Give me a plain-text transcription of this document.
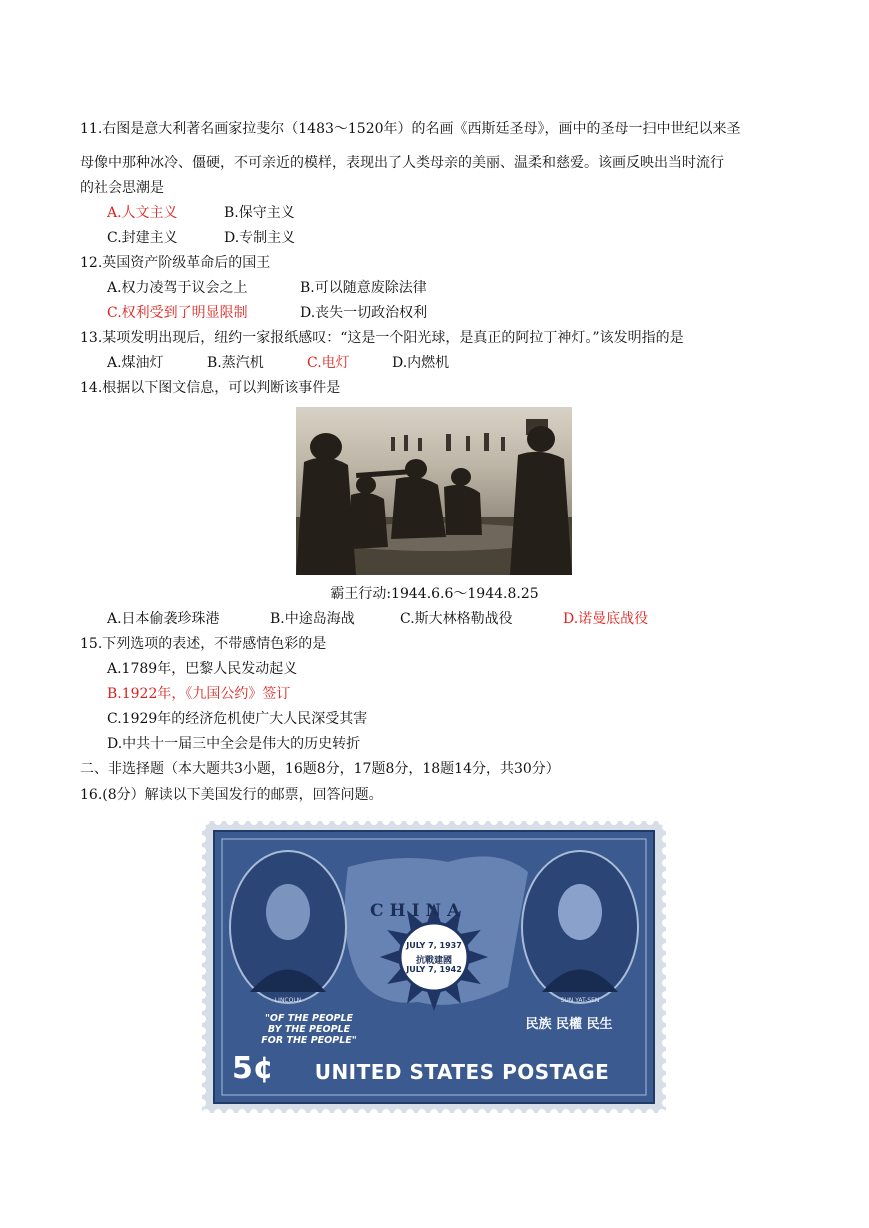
11.右图是意大利著名画家拉斐尔（1483～1520年）的名画《西斯廷圣母》，画中的圣母一扫中世纪以来圣
母像中那种冰冷、僵硬，不可亲近的模样，表现出了人类母亲的美丽、温柔和慈爱。该画反映出当时流行
的社会思潮是
A.人文主义	B.保守主义
C.封建主义	D.专制主义
12.英国资产阶级革命后的国王
A.权力凌驾于议会之上	B.可以随意废除法律
C.权利受到了明显限制	D.丧失一切政治权利
13.某项发明出现后，纽约一家报纸感叹：“这是一个阳光球，是真正的阿拉丁神灯。”该发明指的是
A.煤油灯	B.蒸汽机	C.电灯	D.内燃机
14.根据以下图文信息，可以判断该事件是
霸王行动:1944.6.6～1944.8.25
A.日本偷袭珍珠港	B.中途岛海战	C.斯大林格勒战役	D.诺曼底战役
15.下列选项的表述，不带感情色彩的是
A.1789年，巴黎人民发动起义
B.1922年，《九国公约》签订
C.1929年的经济危机使广大人民深受其害
D.中共十一届三中全会是伟大的历史转折
二、非选择题（本大题共3小题，16题8分，17题8分，18题14分，共30分）
16.(8分）解读以下美国发行的邮票，回答问题。
CHINA
JULY 7, 1937
抗戰建國
JULY 7, 1942
LINCOLN	SUN YAT-SEN
"OF THE PEOPLE
BY THE PEOPLE
FOR THE PEOPLE"
民族 民權 民生
5¢	UNITED STATES POSTAGE
